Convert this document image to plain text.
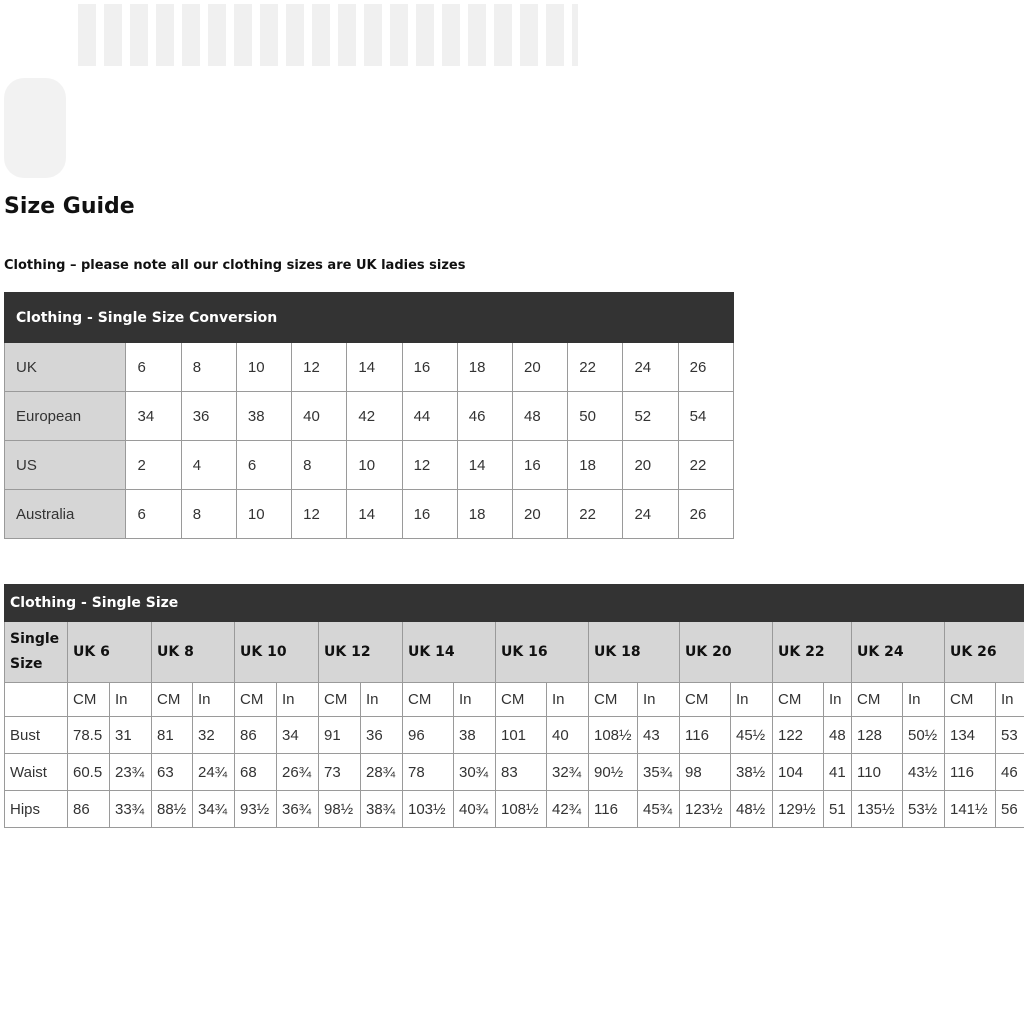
Size Guide

Clothing – please note all our clothing sizes are UK ladies sizes

Clothing - Single Size Conversion											
UK	6	8	10	12	14	16	18	20	22	24	26
European	34	36	38	40	42	44	46	48	50	52	54
US	2	4	6	8	10	12	14	16	18	20	22
Australia	6	8	10	12	14	16	18	20	22	24	26
Clothing - Single Size																						
Single
Size	UK 6		UK 8		UK 10		UK 12		UK 14		UK 16		UK 18		UK 20		UK 22		UK 24		UK 26	
	CM	In	CM	In	CM	In	CM	In	CM	In	CM	In	CM	In	CM	In	CM	In	CM	In	CM	In
Bust	78.5	31	81	32	86	34	91	36	96	38	101	40	108½	43	116	45½	122	48	128	50½	134	53
Waist	60.5	23¾	63	24¾	68	26¾	73	28¾	78	30¾	83	32¾	90½	35¾	98	38½	104	41	110	43½	116	46
Hips	86	33¾	88½	34¾	93½	36¾	98½	38¾	103½	40¾	108½	42¾	116	45¾	123½	48½	129½	51	135½	53½	141½	56
